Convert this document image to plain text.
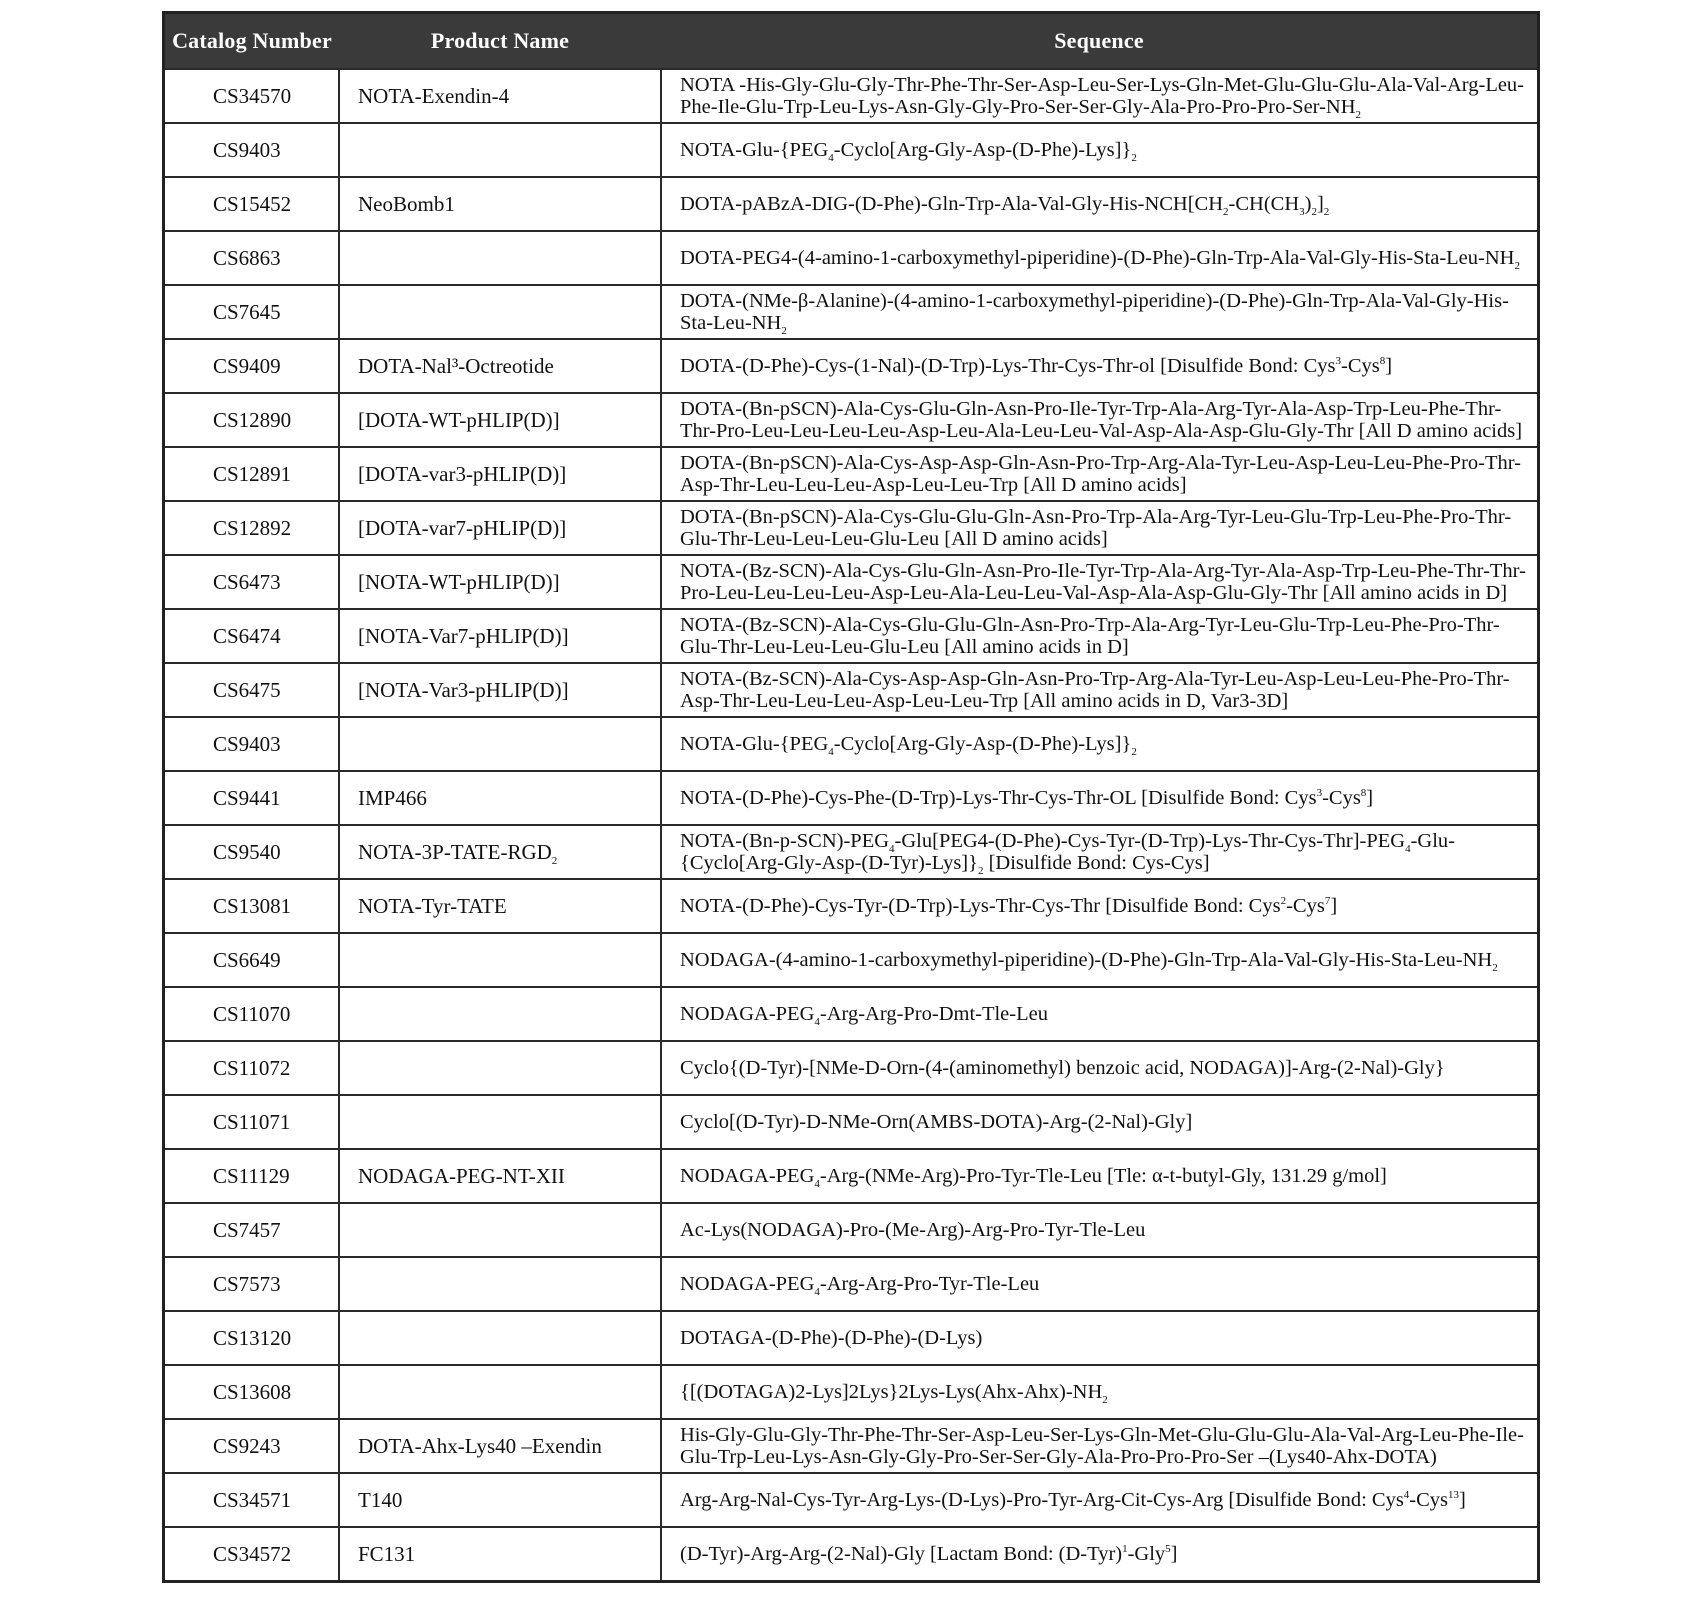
Catalog Number	Product Name	Sequence
CS34570	NOTA-Exendin-4	NOTA -His-Gly-Glu-Gly-Thr-Phe-Thr-Ser-Asp-Leu-Ser-Lys-Gln-Met-Glu-Glu-Glu-Ala-Val-Arg-Leu-Phe-Ile-Glu-Trp-Leu-Lys-Asn-Gly-Gly$-Pro-Ser-Ser-Gly-Ala-Pro-Pro-Pro-Ser-NH_2$
CS9403		NOTA-$Glu-\{PEG_4-Cyclo[Arg-Gly-Asp-(D-Phe)-Lys]\}_2$
CS15452	NeoBomb1	DOTA-$pABzA-DIG-(D-Phe)-Gln-Trp-Ala-Val-Gly-His-NCH[CH_2-CH(CH_3)_2]_2$
CS6863		DOTA-$PEG4-(4-amino-1-carboxymethyl-piperidine)-(D-Phe)-Gln-Trp-Ala-Val-Gly-His-Sta-Leu-NH_2$
CS7645		DOTA-$(NMe-\beta-Alanine)-(4-amino-1-carboxymethyl-piperidine)-(D-Phe)-Gln-Trp-Ala-Val-Gly-His-Sta-Leu-NH_2$
CS9409	DOTA-Nal³-Octreotide	DOTA-(D-Phe)-Cys-(1-Nal)-(D-Trp)-Lys-Thr-Cys-Thr-ol [Disulfide Bond: Cys$^3$-Cys$^8$]
CS12890	[DOTA-WT-pHLIP(D)]	DOTA-(Bn-pSCN)-Ala-Cys-Glu-Gln-Asn-Pro-Ile-Tyr-Trp-Ala-Arg-Tyr-Ala-Asp-Trp-Leu-Phe-Thr-Thr-Pro-Leu-Leu-Leu-Leu-Asp-Leu-Ala-Leu-Leu-Val-Asp-Ala-Asp-Glu-Gly-Thr [All D amino acids]
CS12891	[DOTA-var3-pHLIP(D)]	DOTA-(Bn-pSCN)-Ala-Cys-Asp-Asp-Gln-Asn-Pro-Trp-Arg-Ala-Tyr-Leu-Asp-Leu-Leu-Phe-Pro-Thr-Asp-Thr-Leu-Leu-Leu-Asp-Leu-Leu-Trp [All D amino acids]
CS12892	[DOTA-var7-pHLIP(D)]	DOTA-(Bn-pSCN)-Ala-Cys-Glu-Glu-Gln-Asn-Pro-Trp-Ala-Arg-Tyr-Leu-Glu-Trp-Leu-Phe-Pro-Thr-Glu-Thr-Leu-Leu-Leu-Glu-Leu [All D amino acids]
CS6473	[NOTA-WT-pHLIP(D)]	NOTA-(Bz-SCN)-Ala-Cys-Glu-Gln-Asn-Pro-Ile-Tyr-Trp-Ala-Arg-Tyr-Ala-Asp-Trp-Leu-Phe-Thr-Thr-Pro-Leu-Leu-Leu-Leu-Asp-Leu-Ala-Leu-Leu-Val-Asp-Ala-Asp-Glu-Gly-Thr [All amino acids in D]
CS6474	[NOTA-Var7-pHLIP(D)]	NOTA-(Bz-SCN)-Ala-Cys-Glu-Glu-Gln-Asn-Pro-Trp-Ala-Arg-Tyr-Leu-Glu-Trp-Leu-Phe-Pro-Thr-Glu-Thr-Leu-Leu-Leu-Glu-Leu [All amino acids in D]
CS6475	[NOTA-Var3-pHLIP(D)]	NOTA-(Bz-SCN)-Ala-Cys-Asp-Asp-Gln-Asn-Pro-Trp-Arg-Ala-Tyr-Leu-Asp-Leu-Leu-Phe-Pro-Thr-Asp-Thr-Leu-Leu-Leu-Asp-Leu-Leu-Trp [All amino acids in D, Var3-3D]
CS9403		NOTA-$Glu-\{PEG_4-Cyclo[Arg-Gly-Asp-(D-Phe)-Lys]\}_2$
CS9441	IMP466	NOTA-(D-Phe)-Cys-Phe-(D-Trp)-Lys-Thr-Cys-Thr-OL [Disulfide Bond: Cys$^3$-Cys$^8$]
CS9540	NOTA-$3P-TATE-RGD_2$	NOTA-$(Bn-p-SCN)-PEG_4-Glu[PEG4-(D-Phe)-Cys-Tyr-(D-Trp)-Lys-Thr-Cys-Thr]-PEG_4-Glu-\{Cyclo[Arg-Gly-Asp-(D-Tyr)-Lys]\}_2$ [Disulfide Bond: Cys-Cys]
CS13081	NOTA-Tyr-TATE	NOTA-(D-Phe)-Cys-Tyr-(D-Trp)-Lys-Thr-Cys-Thr [Disulfide Bond: Cys$^2$-Cys$^7$]
CS6649		NODAGA-$(4-amino-1-carboxymethyl-piperidine)-(D-Phe)-Gln-Trp-Ala-Val-Gly-His-Sta-Leu-NH_2$
CS11070		NODAGA-$PEG_4-Arg-Arg-Pro-Dmt-Tle$-Leu
CS11072		Cyclo{(D-Tyr)-[NMe-D-Orn-(4-(aminomethyl) benzoic acid, NODAGA)]-Arg-(2-Nal)-Gly}
CS11071		Cyclo[(D-Tyr)-D-NMe-Orn(AMBS-DOTA)-Arg-(2-Nal)-Gly]
CS11129	NODAGA-PEG-NT-XII	NODAGA-$PEG_4-Arg-(NMe-Arg)-Pro-Tyr-Tle$-Leu [Tle: α-t-butyl-Gly, 131.29 g/mol]
CS7457		Ac-Lys(NODAGA)-Pro-(Me-Arg)-Arg-Pro-Tyr-Tle-Leu
CS7573		NODAGA-$PEG_4-Arg-Arg-Pro-Tyr-Tle$-Leu
CS13120		DOTAGA-(D-Phe)-(D-Phe)-(D-Lys)
CS13608		$\{[(DOTAGA)2-Lys]2Lys\}2Lys-Lys(Ahx-Ahx)-NH_2$
CS9243	DOTA-Ahx-Lys40 –Exendin	His-Gly-Glu-Gly-Thr-Phe-Thr-Ser-Asp-Leu-Ser-Lys-Gln-Met-Glu-Glu-Glu-Ala-Val-Arg-Leu-Phe-Ile-Glu-Trp-Leu-Lys-Asn-Gly-Gly-Pro-Ser-Ser-Gly-Ala-Pro-Pro-Pro-Ser –(Lys40-Ahx-DOTA)
CS34571	T140	Arg-Arg-Nal-Cys-Tyr-Arg-Lys-(D-Lys)-Pro-Tyr-Arg-Cit-Cys-Arg [Disulfide Bond: Cys$^4$-Cys$^{13}$]
CS34572	FC131	(D-Tyr)-Arg-Arg-(2-Nal)-Gly [Lactam Bond: $(D-Tyr)^1-Gly^5$]
